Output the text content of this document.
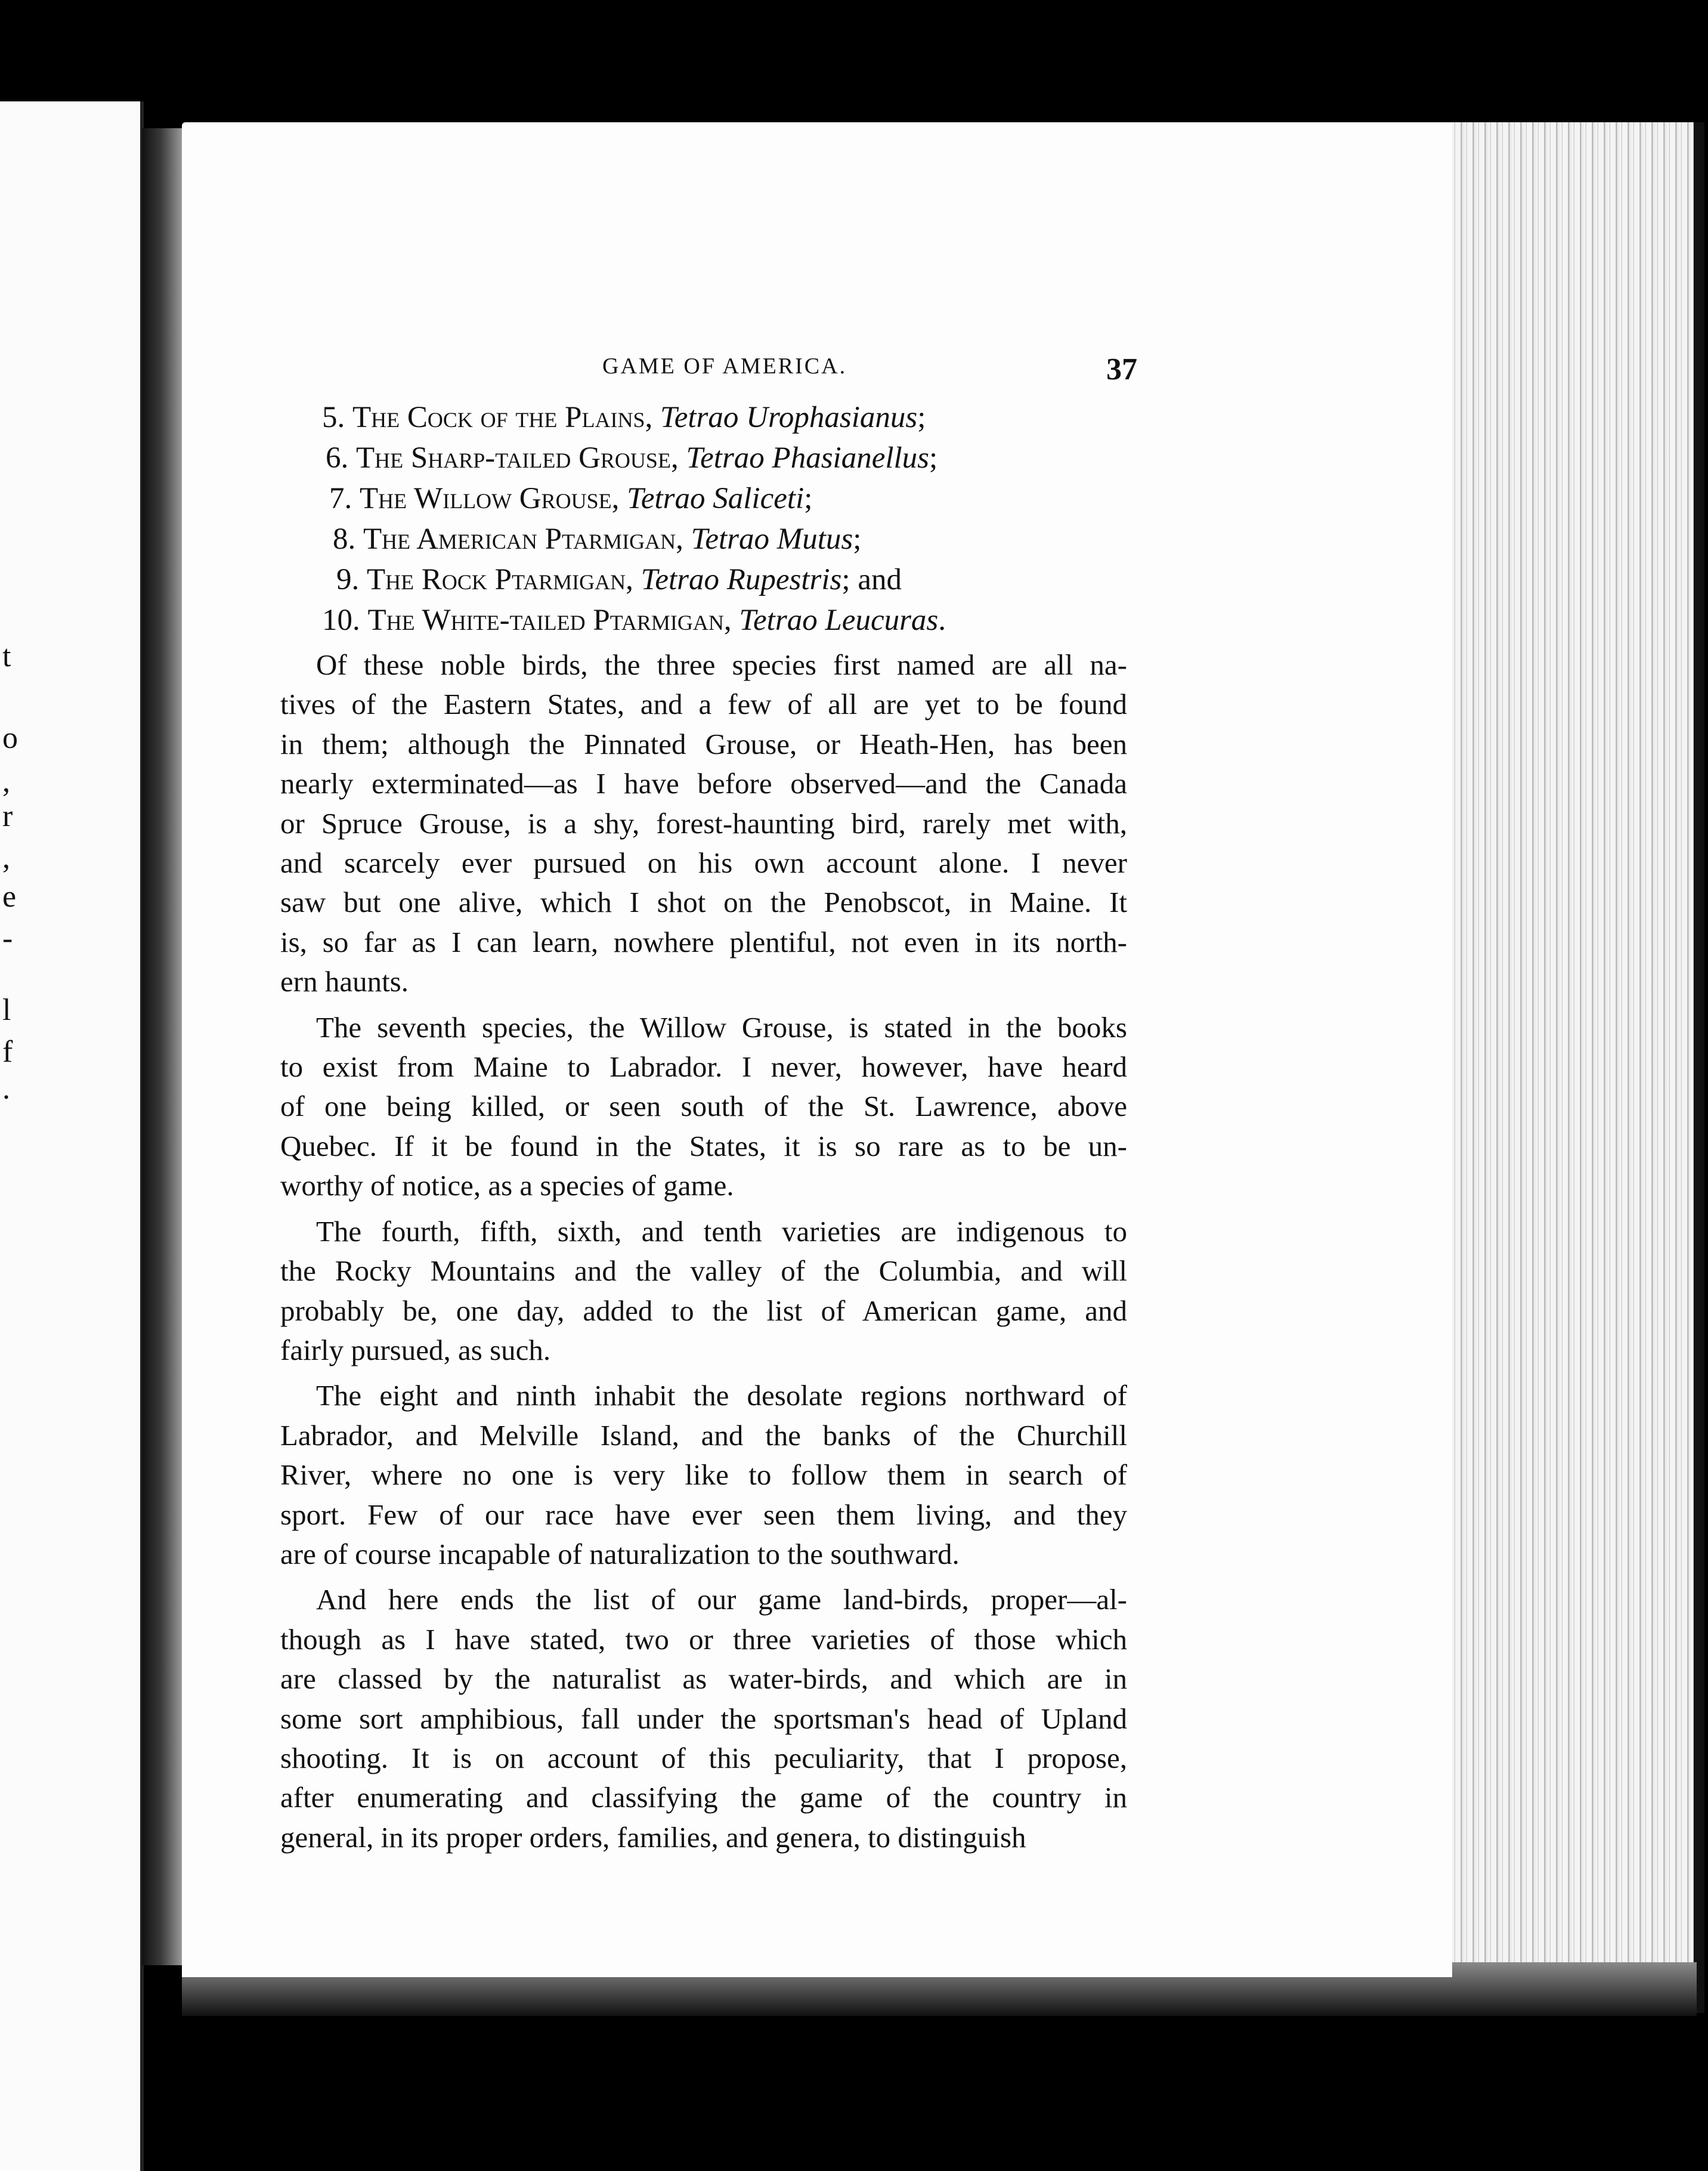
t
o
,
r
,
e
-
l
f
.
GAME OF AMERICA.	37
5. The Cock of the Plains, Tetrao Urophasianus;
6. The Sharp-tailed Grouse, Tetrao Phasianellus;
7. The Willow Grouse, Tetrao Saliceti;
8. The American Ptarmigan, Tetrao Mutus;
9. The Rock Ptarmigan, Tetrao Rupestris; and
10. The White-tailed Ptarmigan, Tetrao Leucuras.
Of these noble birds, the three species first named are all na-
tives of the Eastern States, and a few of all are yet to be found
in them; although the Pinnated Grouse, or Heath-Hen, has been
nearly exterminated—as I have before observed—and the Canada
or Spruce Grouse, is a shy, forest-haunting bird, rarely met with,
and scarcely ever pursued on his own account alone. I never
saw but one alive, which I shot on the Penobscot, in Maine. It
is, so far as I can learn, nowhere plentiful, not even in its north-
ern haunts.
The seventh species, the Willow Grouse, is stated in the books
to exist from Maine to Labrador. I never, however, have heard
of one being killed, or seen south of the St. Lawrence, above
Quebec. If it be found in the States, it is so rare as to be un-
worthy of notice, as a species of game.
The fourth, fifth, sixth, and tenth varieties are indigenous to
the Rocky Mountains and the valley of the Columbia, and will
probably be, one day, added to the list of American game, and
fairly pursued, as such.
The eight and ninth inhabit the desolate regions northward of
Labrador, and Melville Island, and the banks of the Churchill
River, where no one is very like to follow them in search of
sport. Few of our race have ever seen them living, and they
are of course incapable of naturalization to the southward.
And here ends the list of our game land-birds, proper—al-
though as I have stated, two or three varieties of those which
are classed by the naturalist as water-birds, and which are in
some sort amphibious, fall under the sportsman's head of Upland
shooting. It is on account of this peculiarity, that I propose,
after enumerating and classifying the game of the country in
general, in its proper orders, families, and genera, to distinguish
